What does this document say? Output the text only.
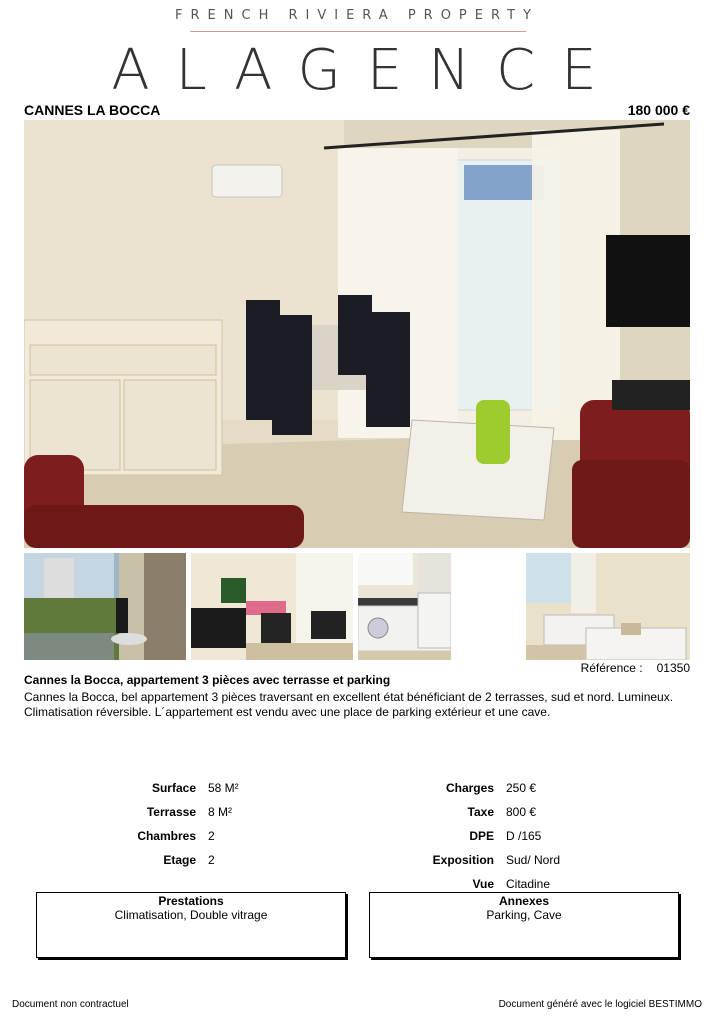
FRENCH RIVIERA PROPERTY
ALAGENCE
CANNES LA BOCCA	180 000 €
Référence : 01350
Cannes la Bocca, appartement 3 pièces avec terrasse et parking
Cannes la Bocca, bel appartement 3 pièces traversant en excellent état bénéficiant de 2 terrasses, sud et nord. Lumineux. Climatisation réversible. L´appartement est vendu avec une place de parking extérieur et une cave.
Surface 58 M²
Terrasse 8 M²
Chambres 2
Etage 2
Charges 250 €
Taxe 800 €
DPE D /165
Exposition Sud/ Nord
Vue Citadine
Prestations
Climatisation, Double vitrage
Annexes
Parking, Cave
Document non contractuel	Document généré avec le logiciel BESTIMMO
